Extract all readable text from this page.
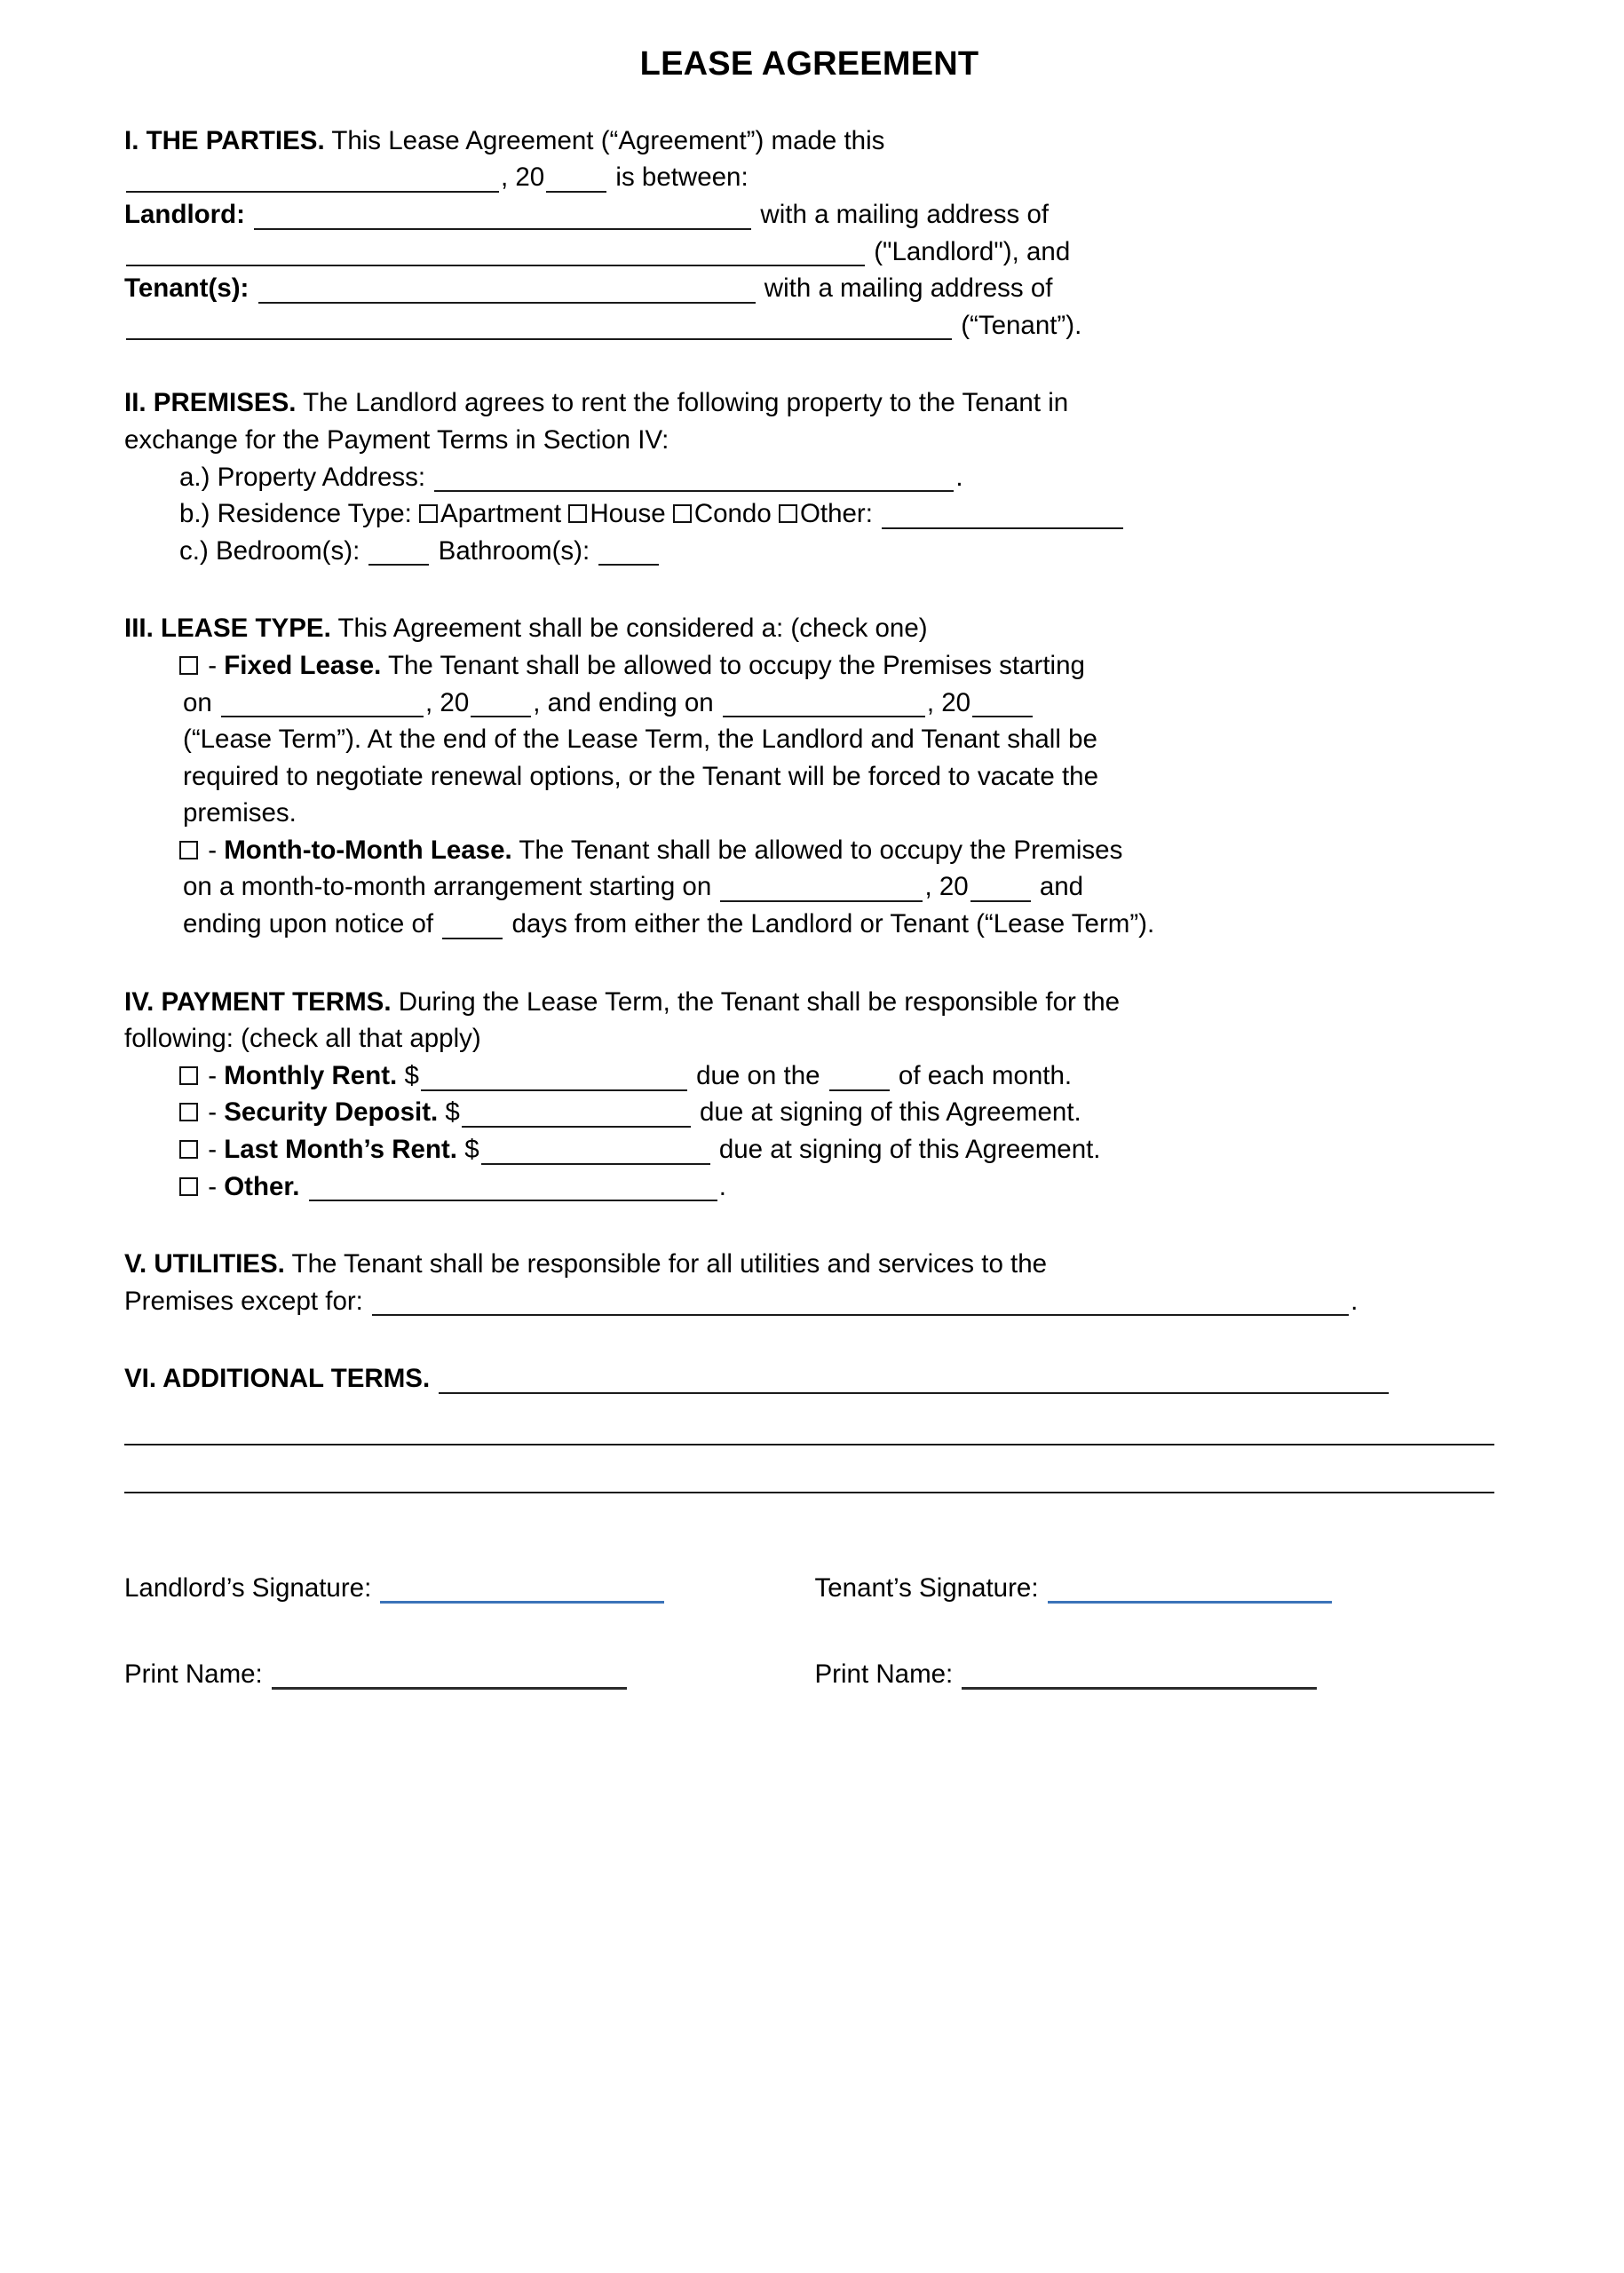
LEASE AGREEMENT

I. THE PARTIES. This Lease Agreement (“Agreement”) made this

, 20 is between:

Landlord:	with a mailing address of

("Landlord"), and

Tenant(s):	with a mailing address of

(“Tenant”).

II. PREMISES. The Landlord agrees to rent the following property to the Tenant in

exchange for the Payment Terms in Section IV:

a.) Property Address:	.

b.) Residence Type: Apartment House Condo Other:

c.) Bedroom(s):	Bathroom(s):

III. LEASE TYPE. This Agreement shall be considered a: (check one)

- Fixed Lease. The Tenant shall be allowed to occupy the Premises starting

on	, 20 , and ending on	, 20

(“Lease Term”). At the end of the Lease Term, the Landlord and Tenant shall be

required to negotiate renewal options, or the Tenant will be forced to vacate the

premises.

- Month-to-Month Lease. The Tenant shall be allowed to occupy the Premises

on a month-to-month arrangement starting on	, 20 and

ending upon notice of	days from either the Landlord or Tenant (“Lease Term”).

IV. PAYMENT TERMS. During the Lease Term, the Tenant shall be responsible for the

following: (check all that apply)

- Monthly Rent. $	due on the	of each month.

- Security Deposit. $	due at signing of this Agreement.

- Last Month’s Rent. $	due at signing of this Agreement.

- Other.	.

V. UTILITIES. The Tenant shall be responsible for all utilities and services to the

Premises except for:	.

VI. ADDITIONAL TERMS.

Landlord’s Signature:	Tenant’s Signature:
Print Name:	Print Name:
